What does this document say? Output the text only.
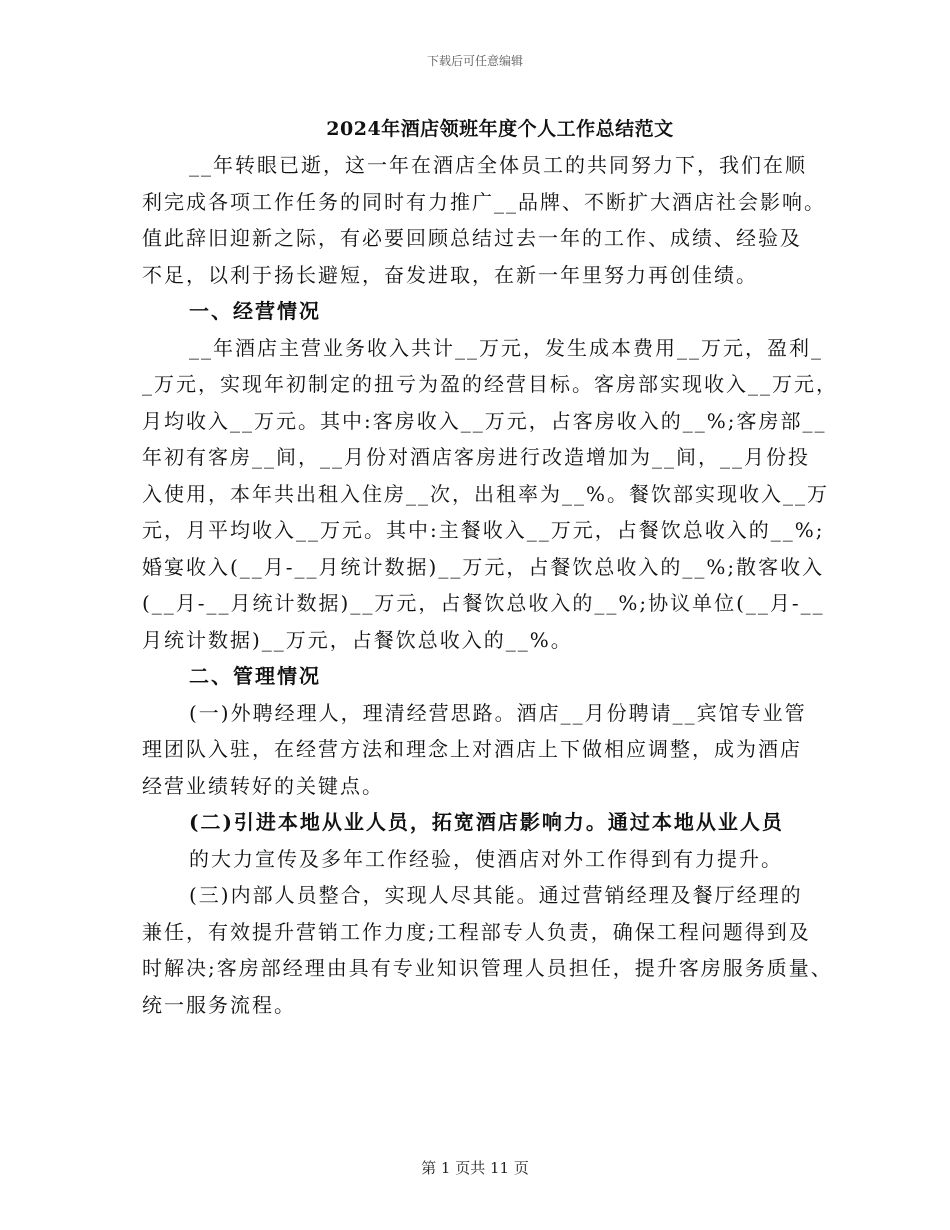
下载后可任意编辑
2024年酒店领班年度个人工作总结范文
__年转眼已逝，这一年在酒店全体员工的共同努力下，我们在顺
利完成各项工作任务的同时有力推广__品牌、不断扩大酒店社会影响。
值此辞旧迎新之际，有必要回顾总结过去一年的工作、成绩、经验及
不足，以利于扬长避短，奋发进取，在新一年里努力再创佳绩。
一、经营情况
__年酒店主营业务收入共计__万元，发生成本费用__万元，盈利_
_万元，实现年初制定的扭亏为盈的经营目标。客房部实现收入__万元，
月均收入__万元。其中:客房收入__万元，占客房收入的__%;客房部__
年初有客房__间，__月份对酒店客房进行改造增加为__间，__月份投
入使用，本年共出租入住房__次，出租率为__%。餐饮部实现收入__万
元，月平均收入__万元。其中:主餐收入__万元，占餐饮总收入的__%;
婚宴收入(__月-__月统计数据)__万元，占餐饮总收入的__%;散客收入
(__月-__月统计数据)__万元，占餐饮总收入的__%;协议单位(__月-__
月统计数据)__万元，占餐饮总收入的__%。
二、管理情况
(一)外聘经理人，理清经营思路。酒店__月份聘请__宾馆专业管
理团队入驻，在经营方法和理念上对酒店上下做相应调整，成为酒店
经营业绩转好的关键点。
(二)引进本地从业人员，拓宽酒店影响力。通过本地从业人员
的大力宣传及多年工作经验，使酒店对外工作得到有力提升。
(三)内部人员整合，实现人尽其能。通过营销经理及餐厅经理的
兼任，有效提升营销工作力度;工程部专人负责，确保工程问题得到及
时解决;客房部经理由具有专业知识管理人员担任，提升客房服务质量、
统一服务流程。
第 1 页共 11 页
